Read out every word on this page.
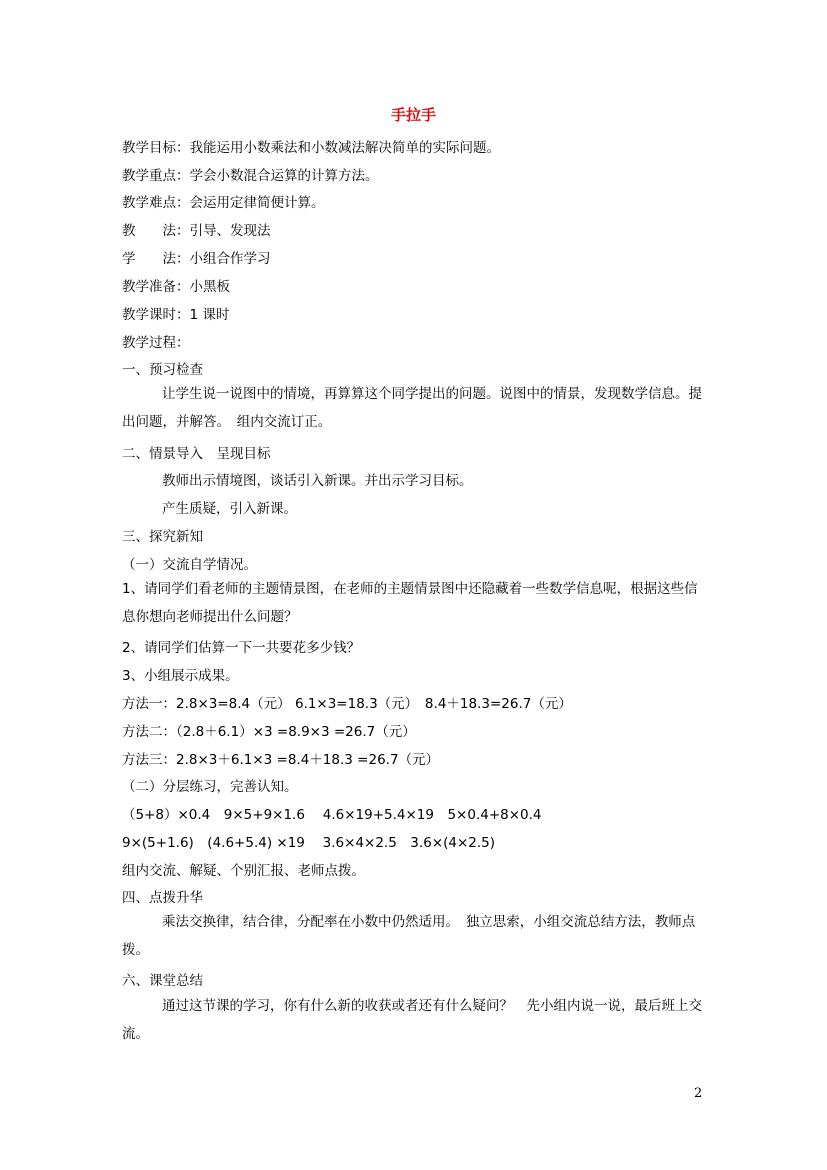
手拉手
教学目标：我能运用小数乘法和小数减法解决简单的实际问题。
教学重点：学会小数混合运算的计算方法。
教学难点：会运用定律简便计算。
教　　法：引导、发现法
学　　法：小组合作学习
教学准备：小黑板
教学课时：1 课时
教学过程：
一、预习检查
让学生说一说图中的情境，再算算这个同学提出的问题。说图中的情景，发现数学信息。提出问题，并解答。　组内交流订正。
二、情景导入　呈现目标
教师出示情境图，谈话引入新课。并出示学习目标。
产生质疑，引入新课。
三、探究新知
（一）交流自学情况。
1、请同学们看老师的主题情景图，在老师的主题情景图中还隐藏着一些数学信息呢，根据这些信息你想向老师提出什么问题？
2、请同学们估算一下一共要花多少钱？
3、小组展示成果。
方法一：2.8×3=8.4（元） 6.1×3=18.3（元）　8.4＋18.3=26.7（元）
方法二：（2.8＋6.1）×3 =8.9×3 =26.7（元）
方法三：2.8×3＋6.1×3 =8.4＋18.3 =26.7（元）
（二）分层练习，完善认知。
（5+8）×0.4　9×5+9×1.6　 4.6×19+5.4×19　5×0.4+8×0.4
9×(5+1.6)　(4.6+5.4) ×19　 3.6×4×2.5　3.6×(4×2.5)
组内交流、解疑、个别汇报、老师点拨。
四、点拨升华
乘法交换律，结合律，分配率在小数中仍然适用。　独立思索，小组交流总结方法，教师点拨。
六、课堂总结
通过这节课的学习，你有什么新的收获或者还有什么疑问？　先小组内说一说，最后班上交流。
2
